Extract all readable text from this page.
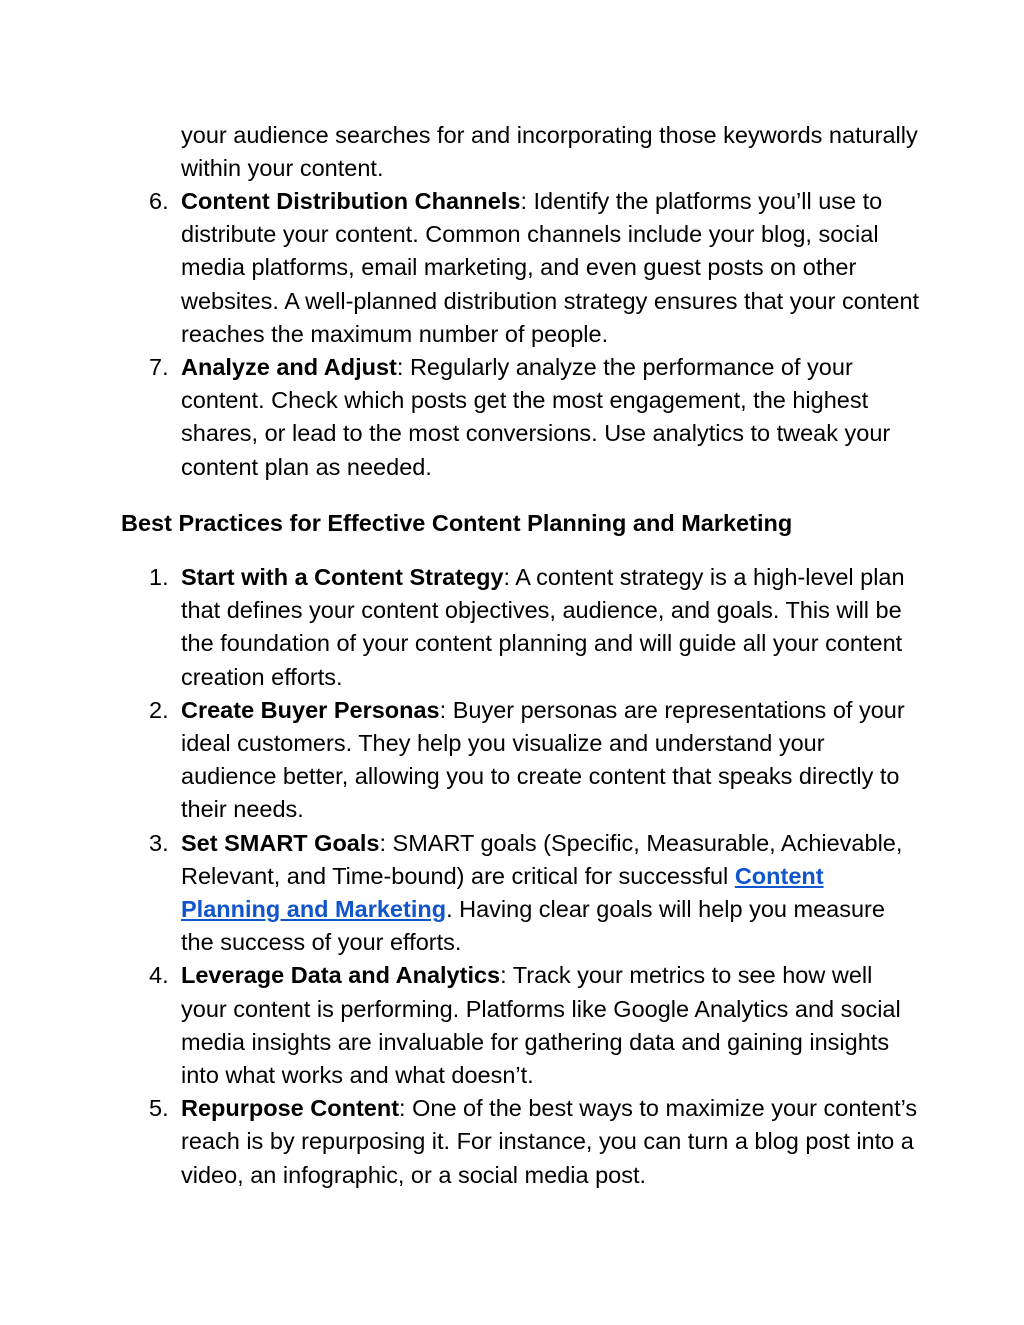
your audience searches for and incorporating those keywords naturally within your content.
6. Content Distribution Channels: Identify the platforms you’ll use to distribute your content. Common channels include your blog, social media platforms, email marketing, and even guest posts on other websites. A well-planned distribution strategy ensures that your content reaches the maximum number of people.
7. Analyze and Adjust: Regularly analyze the performance of your content. Check which posts get the most engagement, the highest shares, or lead to the most conversions. Use analytics to tweak your content plan as needed.
Best Practices for Effective Content Planning and Marketing
1. Start with a Content Strategy: A content strategy is a high-level plan that defines your content objectives, audience, and goals. This will be the foundation of your content planning and will guide all your content creation efforts.
2. Create Buyer Personas: Buyer personas are representations of your ideal customers. They help you visualize and understand your audience better, allowing you to create content that speaks directly to their needs.
3. Set SMART Goals: SMART goals (Specific, Measurable, Achievable, Relevant, and Time-bound) are critical for successful Content Planning and Marketing. Having clear goals will help you measure the success of your efforts.
4. Leverage Data and Analytics: Track your metrics to see how well your content is performing. Platforms like Google Analytics and social media insights are invaluable for gathering data and gaining insights into what works and what doesn’t.
5. Repurpose Content: One of the best ways to maximize your content’s reach is by repurposing it. For instance, you can turn a blog post into a video, an infographic, or a social media post.
